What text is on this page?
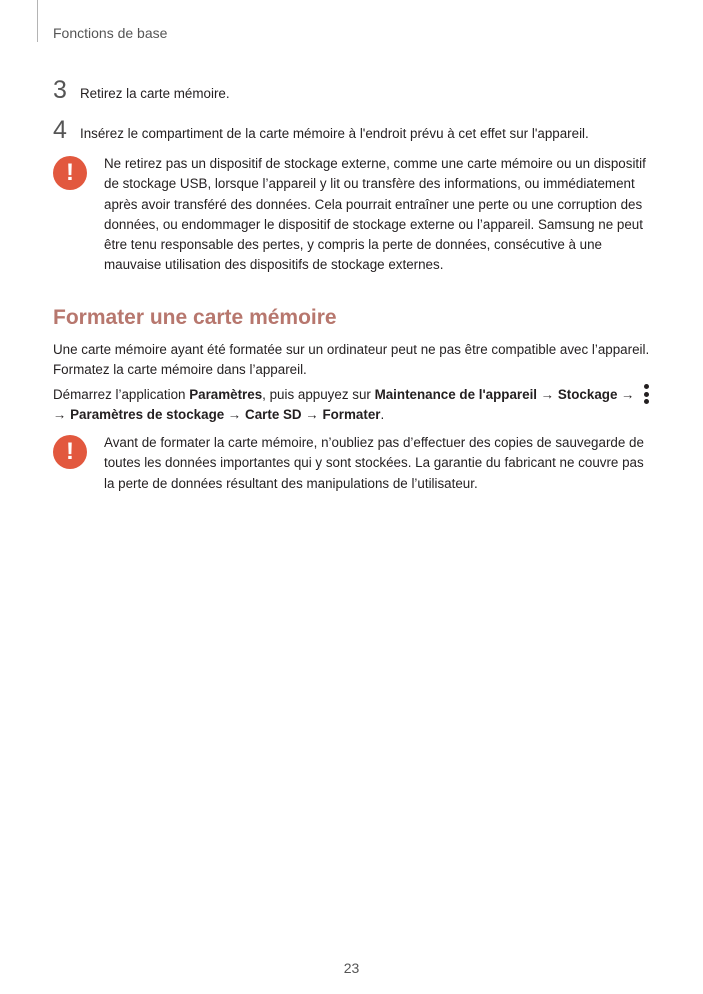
Fonctions de base
3 Retirez la carte mémoire.
4 Insérez le compartiment de la carte mémoire à l'endroit prévu à cet effet sur l'appareil.
!	Ne retirez pas un dispositif de stockage externe, comme une carte mémoire ou un dispositif de stockage USB, lorsque l’appareil y lit ou transfère des informations, ou immédiatement après avoir transféré des données. Cela pourrait entraîner une perte ou une corruption des données, ou endommager le dispositif de stockage externe ou l’appareil. Samsung ne peut être tenu responsable des pertes, y compris la perte de données, consécutive à une mauvaise utilisation des dispositifs de stockage externes.
Formater une carte mémoire
Une carte mémoire ayant été formatée sur un ordinateur peut ne pas être compatible avec l’appareil. Formatez la carte mémoire dans l’appareil.
Démarrez l’application Paramètres, puis appuyez sur Maintenance de l'appareil → Stockage →

→ Paramètres de stockage → Carte SD → Formater.
!	Avant de formater la carte mémoire, n’oubliez pas d’effectuer des copies de sauvegarde de toutes les données importantes qui y sont stockées. La garantie du fabricant ne couvre pas la perte de données résultant des manipulations de l’utilisateur.
23
